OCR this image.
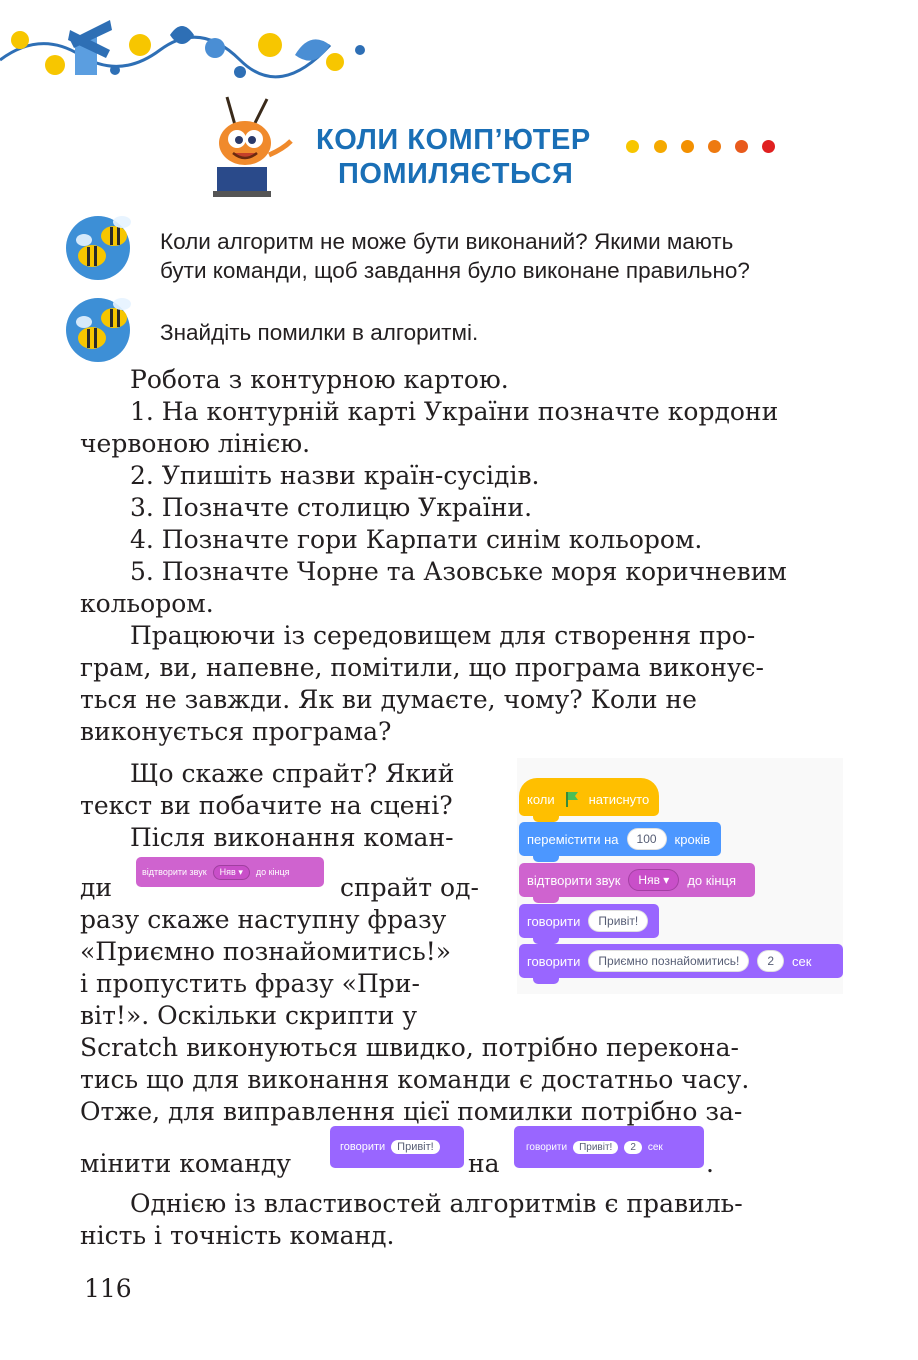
КОЛИ КОМП’ЮТЕР
ПОМИЛЯЄТЬСЯ
Коли алгоритм не може бути виконаний? Якими мають
бути команди, щоб завдання було виконане правильно?
Знайдіть помилки в алгоритмі.
Робота з контурною картою.
1. На контурній карті України позначте кордони
червоною лінією.
2. Упишіть назви країн-сусідів.
3. Позначте столицю України.
4. Позначте гори Карпати синім кольором.
5. Позначте Чорне та Азовське моря коричневим
кольором.
Працюючи із середовищем для створення про-
грам, ви, напевне, помітили, що програма виконує-
ться не завжди. Як ви думаєте, чому? Коли не
виконується програма?
Що скаже спрайт? Який
текст ви побачите на сцені?
Після виконання коман-
ди
відтворити звук	Няв ▾	до кінця
спрайт од-
разу скаже наступну фразу
«Приємно познайомитись!»
і пропустить фразу «При-
віт!». Оскільки скрипти у
коли	натиснуто
перемістити на	100	кроків
відтворити звук	Няв ▾	до кінця
говорити	Привіт!
говорити	Приємно познайомитись!	2	сек
Scratch виконуються швидко, потрібно переконa-
тись що для виконання команди є достатньо часу.
Отже, для виправлення цієї помилки потрібно за-
мінити команду
говорити	Привіт!
на
говорити	Привіт!	2	сек
.
Однією із властивостей алгоритмів є правиль-
ність і точність команд.
116
